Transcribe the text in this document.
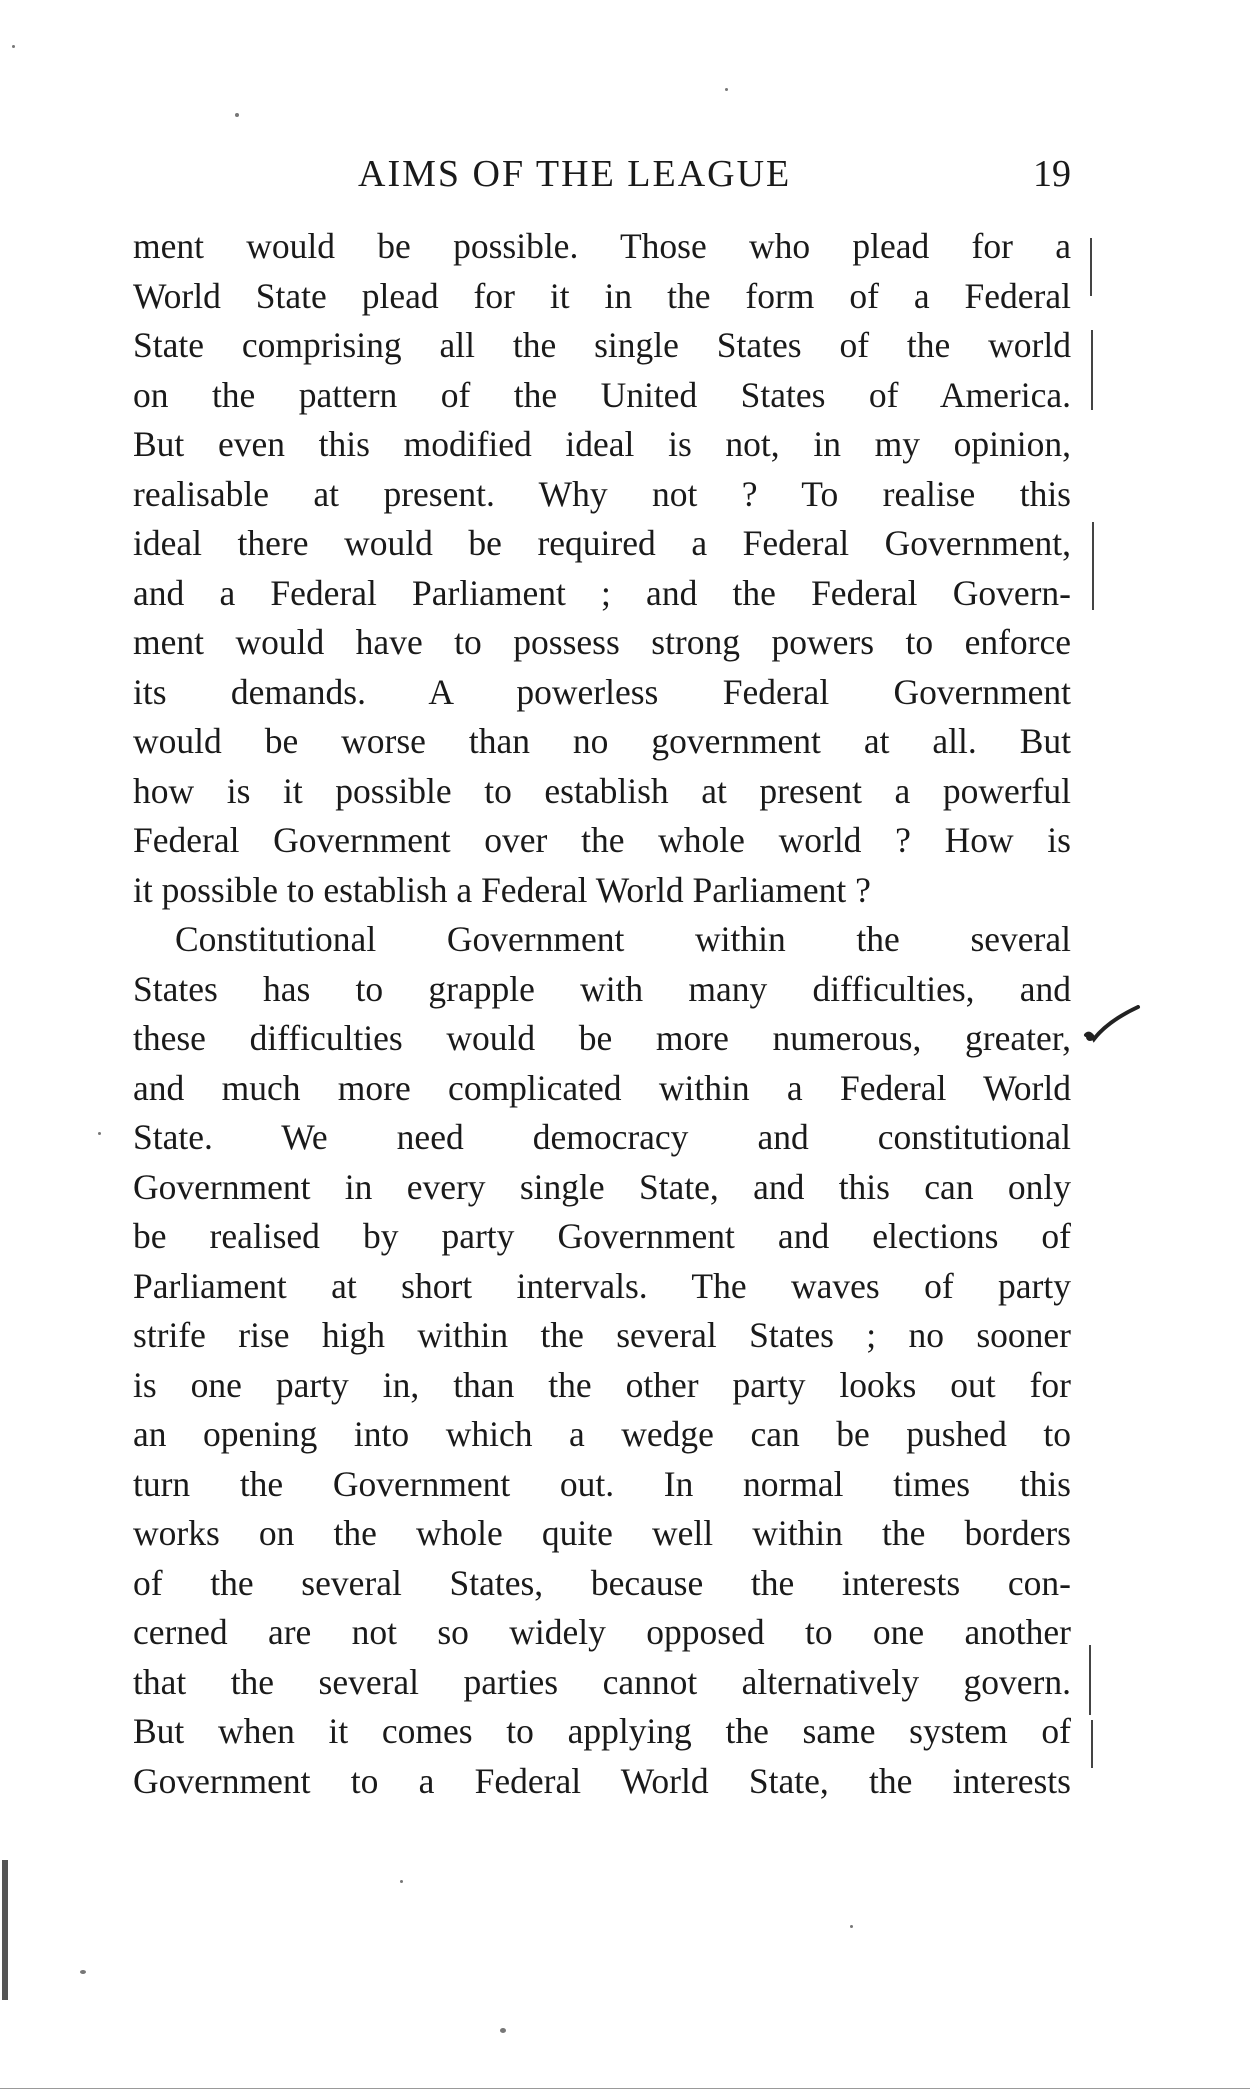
AIMS OF THE LEAGUE	19
ment would be possible. Those who plead for a
World State plead for it in the form of a Federal
State comprising all the single States of the world
on the pattern of the United States of America.
But even this modified ideal is not, in my opinion,
realisable at present. Why not ? To realise this
ideal there would be required a Federal Government,
and a Federal Parliament ; and the Federal Govern-
ment would have to possess strong powers to enforce
its demands. A powerless Federal Government
would be worse than no government at all. But
how is it possible to establish at present a powerful
Federal Government over the whole world ? How is
it possible to establish a Federal World Parliament ?
Constitutional Government within the several
States has to grapple with many difficulties, and
these difficulties would be more numerous, greater,
and much more complicated within a Federal World
State. We need democracy and constitutional
Government in every single State, and this can only
be realised by party Government and elections of
Parliament at short intervals. The waves of party
strife rise high within the several States ; no sooner
is one party in, than the other party looks out for
an opening into which a wedge can be pushed to
turn the Government out. In normal times this
works on the whole quite well within the borders
of the several States, because the interests con-
cerned are not so widely opposed to one another
that the several parties cannot alternatively govern.
But when it comes to applying the same system of
Government to a Federal World State, the interests
